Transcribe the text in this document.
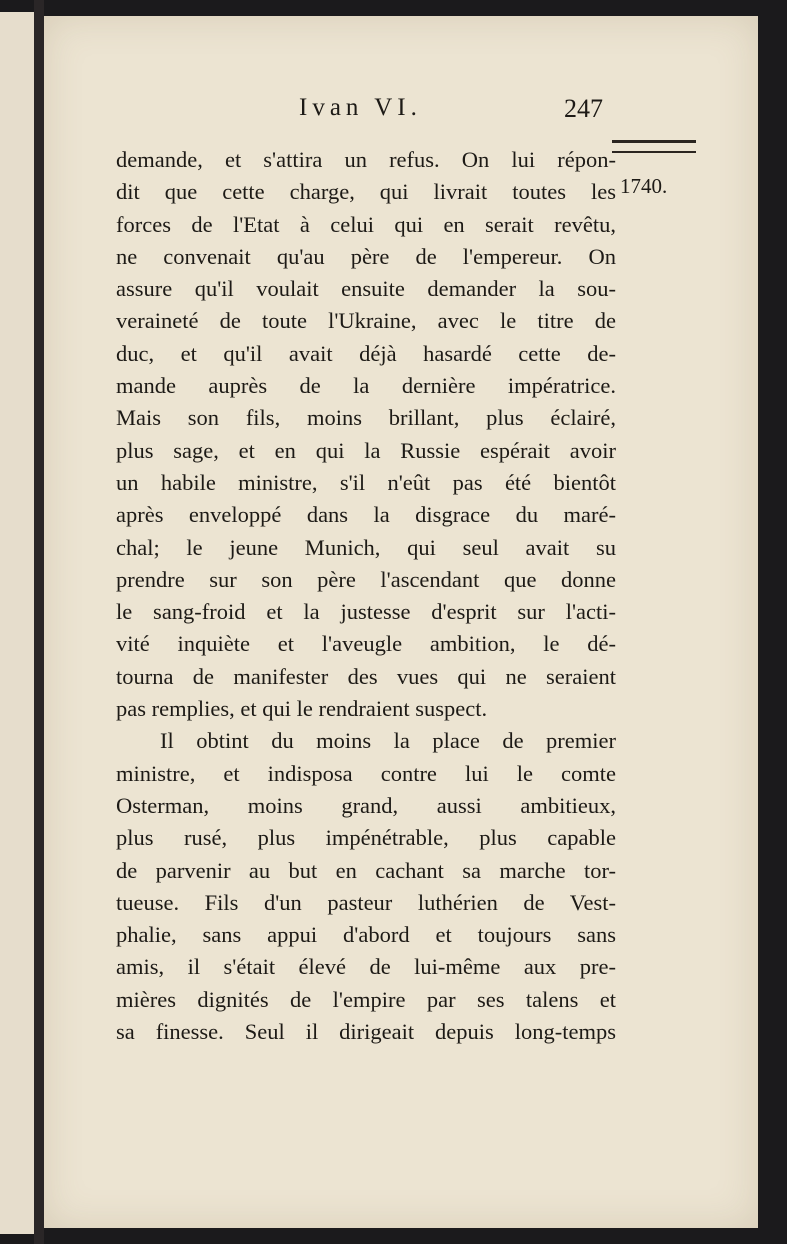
Ivan VI.	247
1740.
demande, et s'attira un refus. On lui répon-
dit que cette charge, qui livrait toutes les
forces de l'Etat à celui qui en serait revêtu,
ne convenait qu'au père de l'empereur. On
assure qu'il voulait ensuite demander la sou-
veraineté de toute l'Ukraine, avec le titre de
duc, et qu'il avait déjà hasardé cette de-
mande auprès de la dernière impératrice.
Mais son fils, moins brillant, plus éclairé,
plus sage, et en qui la Russie espérait avoir
un habile ministre, s'il n'eût pas été bientôt
après enveloppé dans la disgrace du maré-
chal; le jeune Munich, qui seul avait su
prendre sur son père l'ascendant que donne
le sang-froid et la justesse d'esprit sur l'acti-
vité inquiète et l'aveugle ambition, le dé-
tourna de manifester des vues qui ne seraient
pas remplies, et qui le rendraient suspect.
Il obtint du moins la place de premier
ministre, et indisposa contre lui le comte
Osterman, moins grand, aussi ambitieux,
plus rusé, plus impénétrable, plus capable
de parvenir au but en cachant sa marche tor-
tueuse. Fils d'un pasteur luthérien de Vest-
phalie, sans appui d'abord et toujours sans
amis, il s'était élevé de lui-même aux pre-
mières dignités de l'empire par ses talens et
sa finesse. Seul il dirigeait depuis long-temps
